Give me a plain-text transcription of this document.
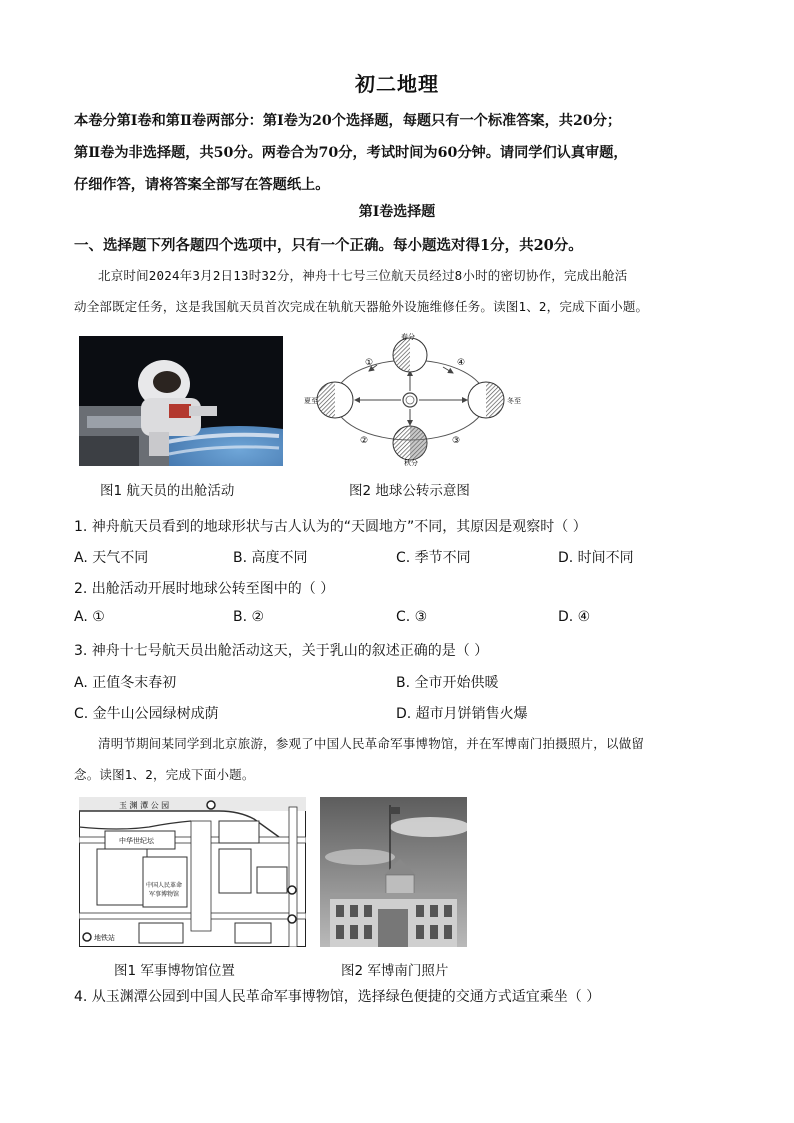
初二地理
本卷分第Ⅰ卷和第Ⅱ卷两部分：第Ⅰ卷为20个选择题，每题只有一个标准答案，共20分；
第Ⅱ卷为非选择题，共50分。两卷合为70分，考试时间为60分钟。请同学们认真审题，
仔细作答，请将答案全部写在答题纸上。
第Ⅰ卷选择题
一、选择题下列各题四个选项中，只有一个正确。每小题选对得1分，共20分。
北京时间2024年3月2日13时32分，神舟十七号三位航天员经过8小时的密切协作，完成出舱活
动全部既定任务，这是我国航天员首次完成在轨航天器舱外设施维修任务。读图1、2，完成下面小题。
春分
夏至
秋分
冬至
①	④
②	③
图1 航天员的出舱活动	图2 地球公转示意图
1. 神舟航天员看到的地球形状与古人认为的“天圆地方”不同，其原因是观察时（ ）
A. 天气不同	B. 高度不同	C. 季节不同	D. 时间不同
2. 出舱活动开展时地球公转至图中的（ ）
A. ①	B. ②	C. ③	D. ④
3. 神舟十七号航天员出舱活动这天，关于乳山的叙述正确的是（ ）
A. 正值冬末春初	B. 全市开始供暖
C. 金牛山公园绿树成荫	D. 超市月饼销售火爆
清明节期间某同学到北京旅游，参观了中国人民革命军事博物馆，并在军博南门拍摄照片，以做留
念。读图1、2，完成下面小题。
玉 渊 潭 公 园
中华世纪坛
中国人民革命
军事博物馆
地铁站
图1 军事博物馆位置	图2 军博南门照片
4. 从玉渊潭公园到中国人民革命军事博物馆，选择绿色便捷的交通方式适宜乘坐（ ）
